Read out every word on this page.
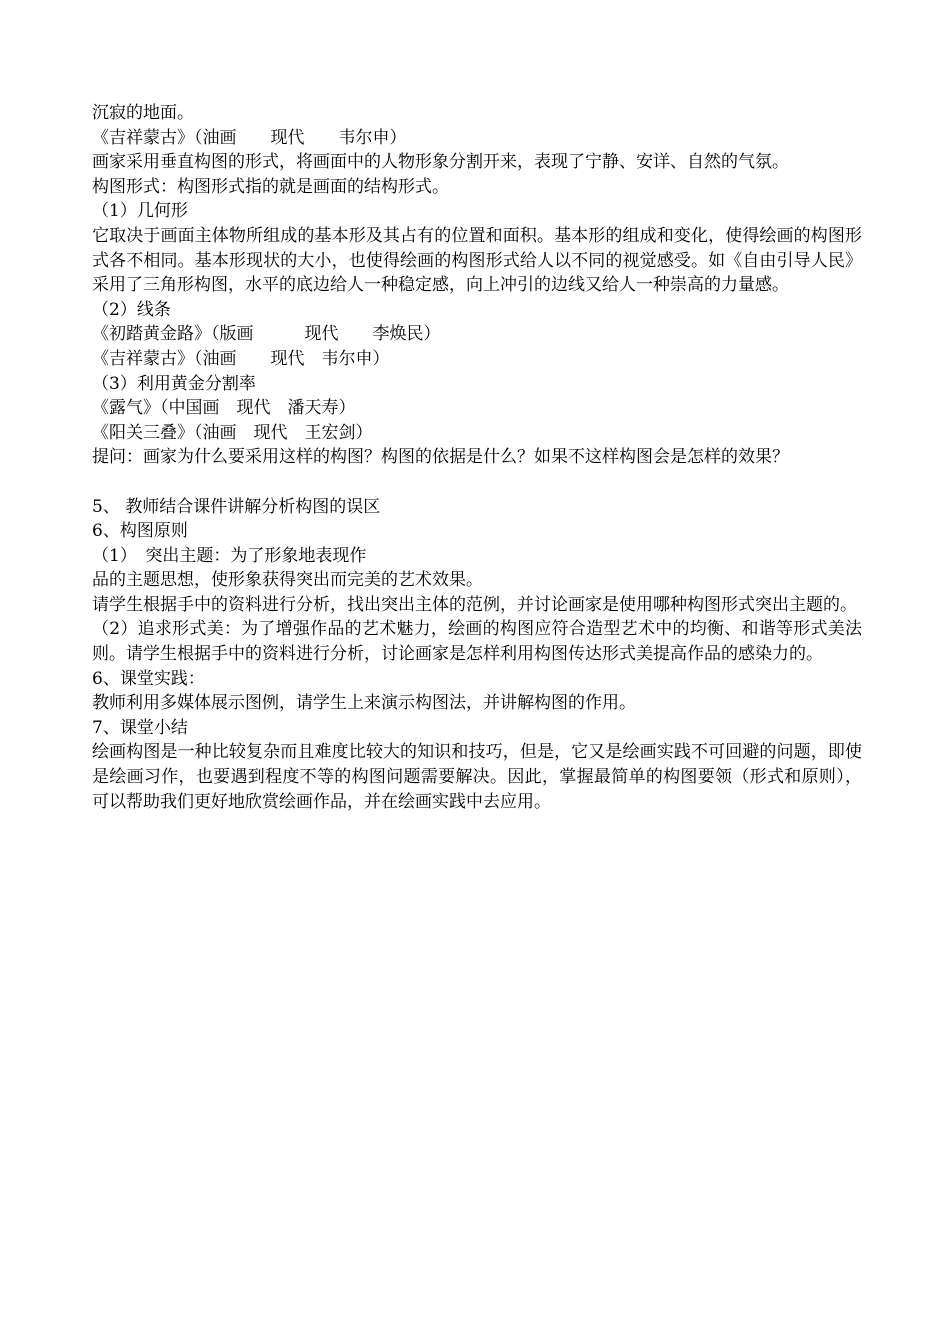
沉寂的地面。
《吉祥蒙古》（油画　　现代　　韦尔申）
画家采用垂直构图的形式，将画面中的人物形象分割开来，表现了宁静、安详、自然的气氛。
构图形式：构图形式指的就是画面的结构形式。
（1）几何形
它取决于画面主体物所组成的基本形及其占有的位置和面积。基本形的组成和变化，使得绘画的构图形式各不相同。基本形现状的大小，也使得绘画的构图形式给人以不同的视觉感受。如《自由引导人民》采用了三角形构图，水平的底边给人一种稳定感，向上冲引的边线又给人一种崇高的力量感。
（2）线条
《初踏黄金路》（版画　　　现代　　李焕民）
《吉祥蒙古》（油画　　现代　韦尔申）
（3）利用黄金分割率
《露气》（中国画　现代　潘天寿）
《阳关三叠》（油画　现代　王宏剑）
提问：画家为什么要采用这样的构图？构图的依据是什么？如果不这样构图会是怎样的效果？
5、 教师结合课件讲解分析构图的误区
6、构图原则
（1）　突出主题：为了形象地表现作
品的主题思想，使形象获得突出而完美的艺术效果。
请学生根据手中的资料进行分析，找出突出主体的范例，并讨论画家是使用哪种构图形式突出主题的。
（2）追求形式美：为了增强作品的艺术魅力，绘画的构图应符合造型艺术中的均衡、和谐等形式美法则。请学生根据手中的资料进行分析，讨论画家是怎样利用构图传达形式美提高作品的感染力的。
6、课堂实践：
教师利用多媒体展示图例，请学生上来演示构图法，并讲解构图的作用。
7、课堂小结
绘画构图是一种比较复杂而且难度比较大的知识和技巧，但是，它又是绘画实践不可回避的问题，即使是绘画习作，也要遇到程度不等的构图问题需要解决。因此，掌握最简单的构图要领（形式和原则），可以帮助我们更好地欣赏绘画作品，并在绘画实践中去应用。
